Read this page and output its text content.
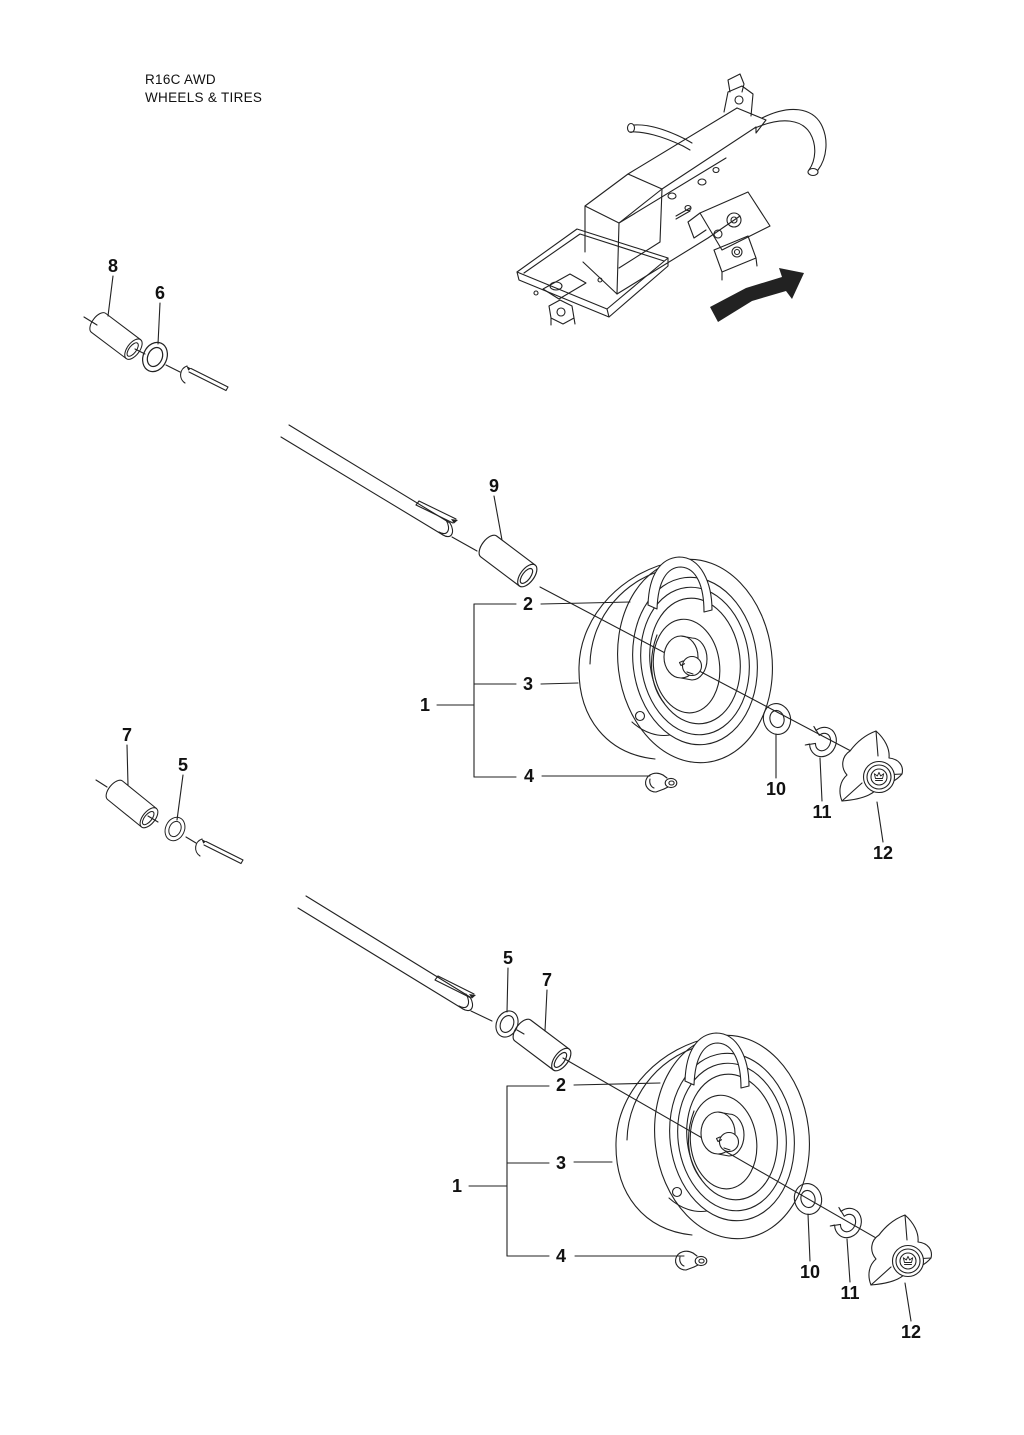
R16C AWD
WHEELS & TIRES
8
6
9
1
2
3
4
10
11
12
7
5
5
7
1
2
3
4
10
11
12
